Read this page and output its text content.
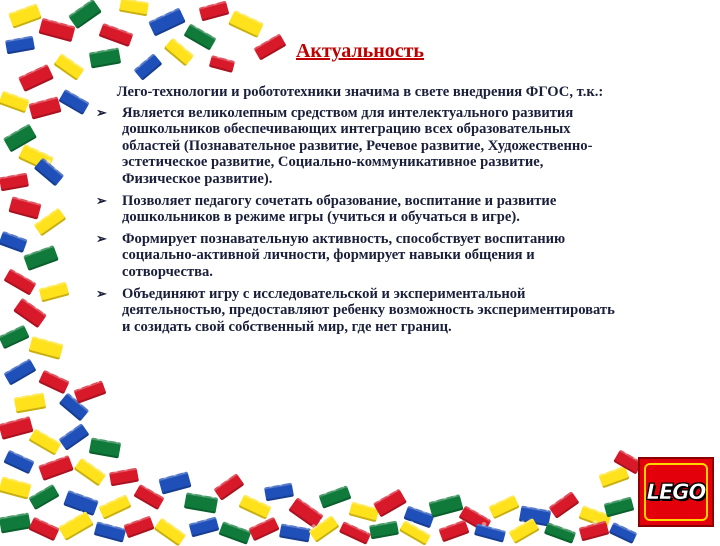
Актуальность

Лего-технологии и робототехники значима в свете внедрения ФГОС, т.к.:

➢ Является великолепным средством для интелектуального развития дошкольников обеспечивающих интеграцию всех образовательных областей (Познавательное развитие, Речевое развитие, Художественно-эстетическое развитие, Социально-коммуникативное развитие, Физическое развитие).
➢ Позволяет педагогу сочетать образование, воспитание и развитие дошкольников в режиме игры (учиться и обучаться в игре).
➢ Формирует познавательную активность, способствует воспитанию социально-активной личности, формирует навыки общения и сотворчества.
➢ Объединяют игру с исследовательской и экспериментальной деятельностью, предоставляют ребенку возможность экспериментировать и созидать свой собственный мир, где нет границ.
LEGO
